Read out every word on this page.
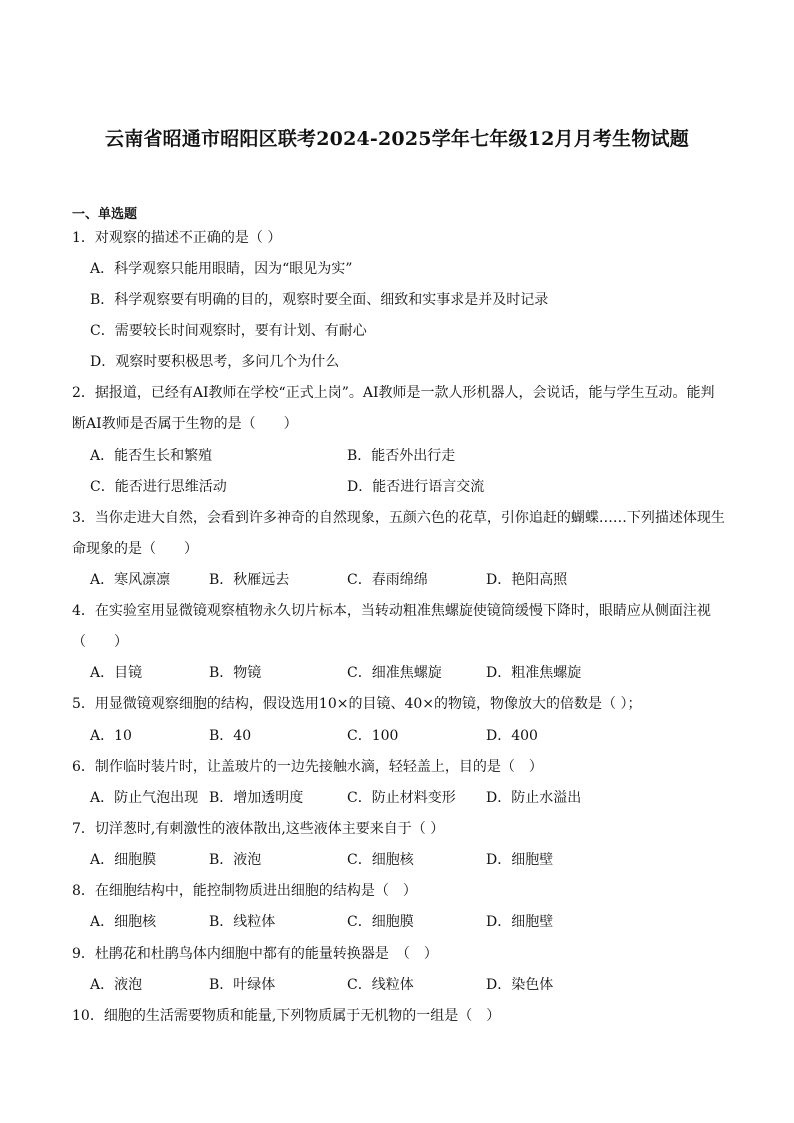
云南省昭通市昭阳区联考2024-2025学年七年级12月月考生物试题
一、单选题
1．对观察的描述不正确的是（ ）
A．科学观察只能用眼睛，因为“眼见为实”
B．科学观察要有明确的目的，观察时要全面、细致和实事求是并及时记录
C．需要较长时间观察时，要有计划、有耐心
D．观察时要积极思考，多问几个为什么
2．据报道，已经有AI教师在学校“正式上岗”。AI教师是一款人形机器人，会说话，能与学生互动。能判
断AI教师是否属于生物的是（　　）
A．能否生长和繁殖	B．能否外出行走
C．能否进行思维活动	D．能否进行语言交流
3．当你走进大自然，会看到许多神奇的自然现象，五颜六色的花草，引你追赶的蝴蝶……下列描述体现生
命现象的是（　　）
A．寒风凛凛	B．秋雁远去	C．春雨绵绵	D．艳阳高照
4．在实验室用显微镜观察植物永久切片标本，当转动粗准焦螺旋使镜筒缓慢下降时，眼睛应从侧面注视
（　　）
A．目镜	B．物镜	C．细准焦螺旋	D．粗准焦螺旋
5．用显微镜观察细胞的结构，假设选用10×的目镜、40×的物镜，物像放大的倍数是（ ）；
A．10	B．40	C．100	D．400
6．制作临时装片时，让盖玻片的一边先接触水滴，轻轻盖上，目的是（　）
A．防止气泡出现 B．增加透明度	C．防止材料变形 D．防止水溢出
7．切洋葱时,有刺激性的液体散出,这些液体主要来自于（ ）
A．细胞膜	B．液泡	C．细胞核	D．细胞壁
8．在细胞结构中，能控制物质进出细胞的结构是（　）
A．细胞核	B．线粒体	C．细胞膜	D．细胞壁
9．杜鹃花和杜鹃鸟体内细胞中都有的能量转换器是　（　）
A．液泡	B．叶绿体	C．线粒体	D．染色体
10．细胞的生活需要物质和能量,下列物质属于无机物的一组是（　）
